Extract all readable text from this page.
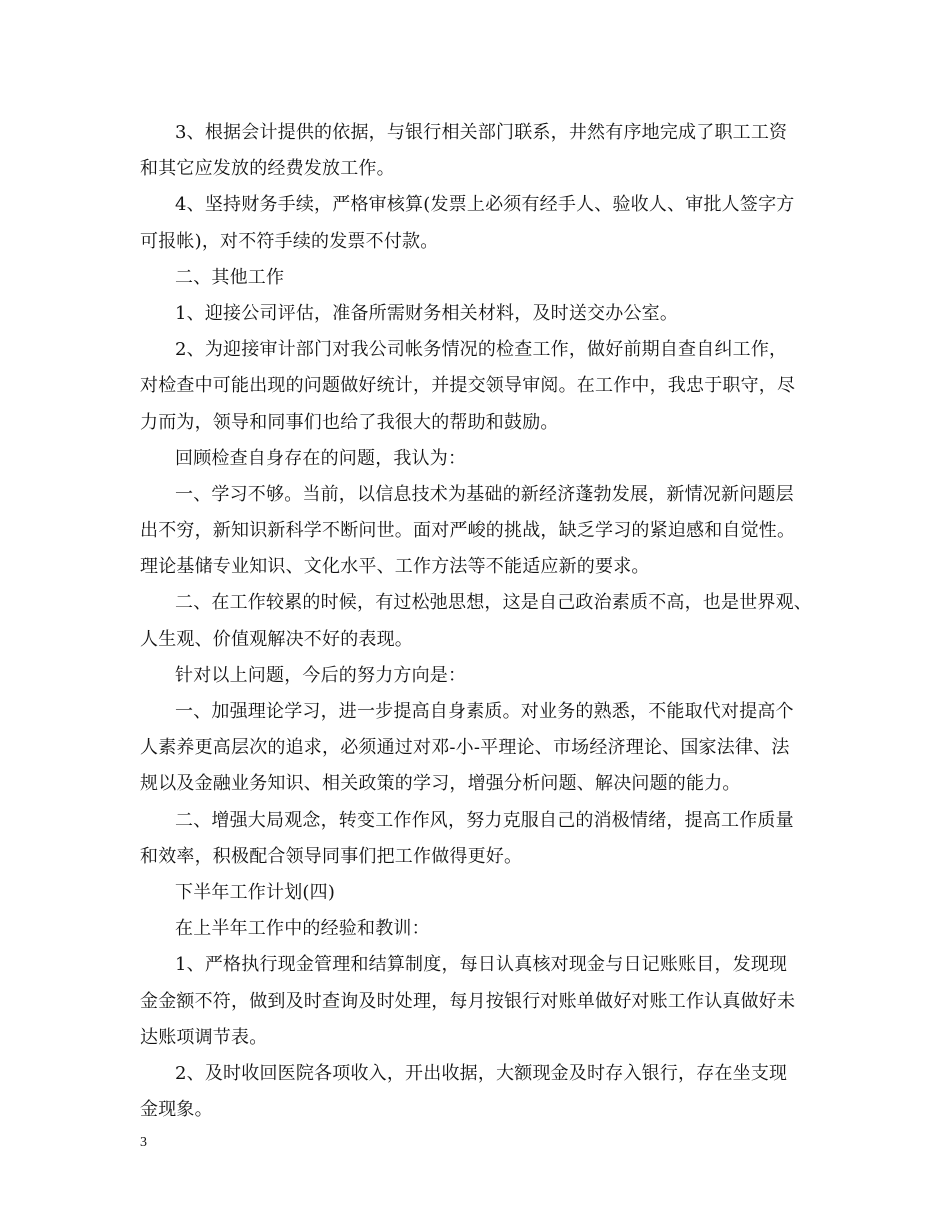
3、根据会计提供的依据，与银行相关部门联系，井然有序地完成了职工工资
和其它应发放的经费发放工作。
4、坚持财务手续，严格审核算(发票上必须有经手人、验收人、审批人签字方
可报帐)，对不符手续的发票不付款。
二、其他工作
1、迎接公司评估，准备所需财务相关材料，及时送交办公室。
2、为迎接审计部门对我公司帐务情况的检查工作，做好前期自查自纠工作，
对检查中可能出现的问题做好统计，并提交领导审阅。在工作中，我忠于职守，尽
力而为，领导和同事们也给了我很大的帮助和鼓励。
回顾检查自身存在的问题，我认为：
一、学习不够。当前，以信息技术为基础的新经济蓬勃发展，新情况新问题层
出不穷，新知识新科学不断问世。面对严峻的挑战，缺乏学习的紧迫感和自觉性。
理论基储专业知识、文化水平、工作方法等不能适应新的要求。
二、在工作较累的时候，有过松弛思想，这是自己政治素质不高，也是世界观、
人生观、价值观解决不好的表现。
针对以上问题，今后的努力方向是：
一、加强理论学习，进一步提高自身素质。对业务的熟悉，不能取代对提高个
人素养更高层次的追求，必须通过对邓-小-平理论、市场经济理论、国家法律、法
规以及金融业务知识、相关政策的学习，增强分析问题、解决问题的能力。
二、增强大局观念，转变工作作风，努力克服自己的消极情绪，提高工作质量
和效率，积极配合领导同事们把工作做得更好。
下半年工作计划(四)
在上半年工作中的经验和教训：
1、严格执行现金管理和结算制度，每日认真核对现金与日记账账目，发现现
金金额不符，做到及时查询及时处理，每月按银行对账单做好对账工作认真做好未
达账项调节表。
2、及时收回医院各项收入，开出收据，大额现金及时存入银行，存在坐支现
金现象。
3
